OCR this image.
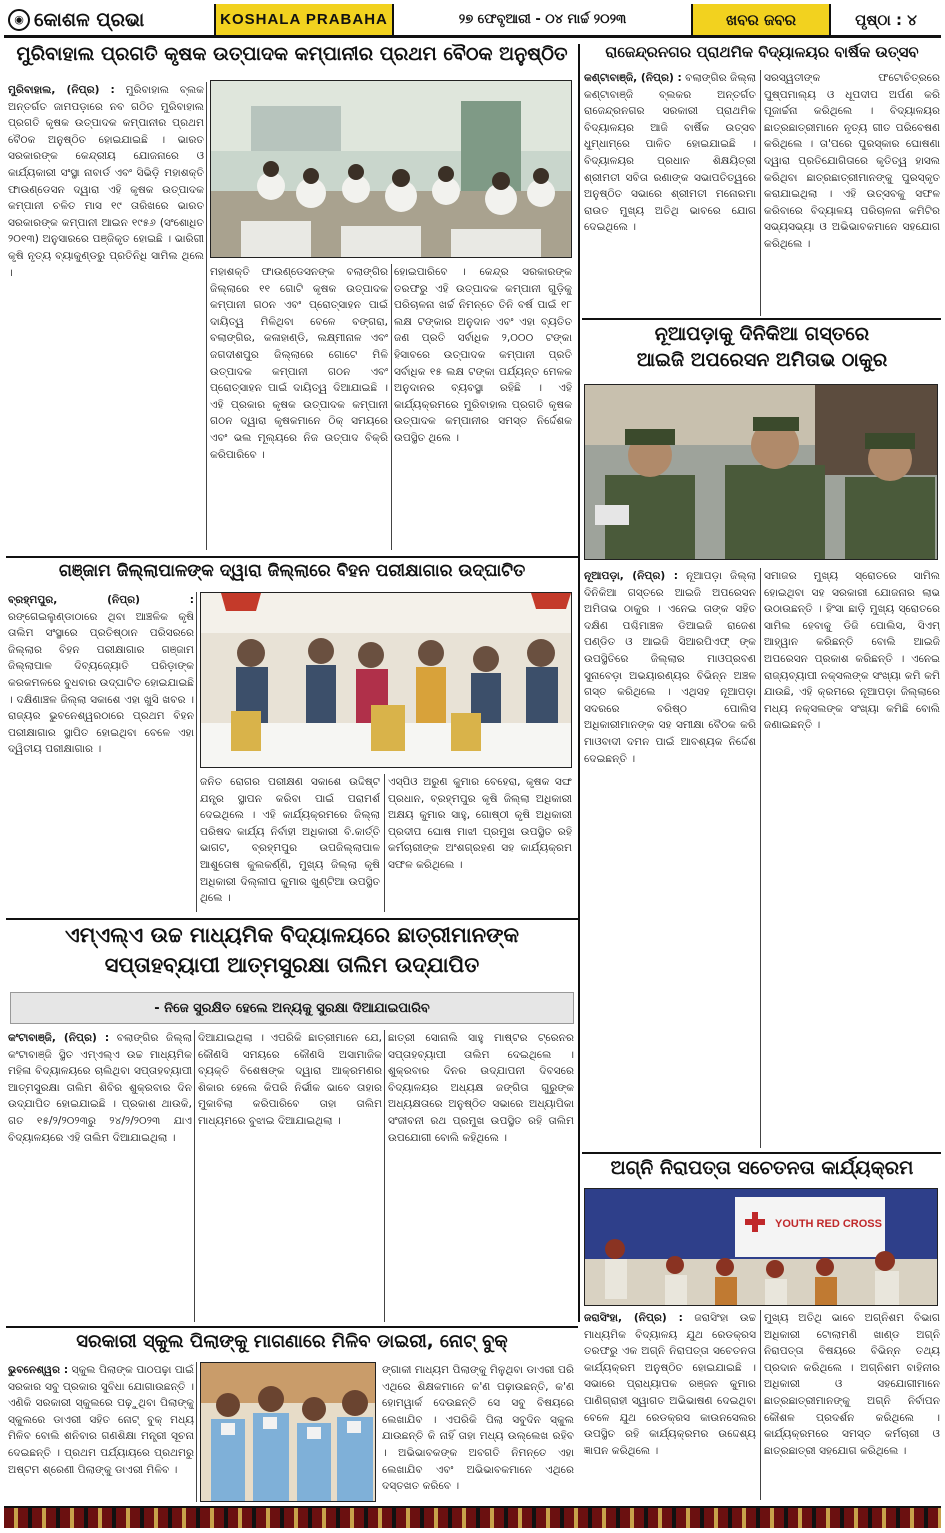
◉ କୋଶଳ ପ୍ରଭା	KOSHALA PRABAHA	୨୭ ଫେବୃଆରୀ - ୦୪ ମାର୍ଚ୍ଚ ୨୦୨୩	ଖବର ଜବର	ପୃଷ୍ଠା : ୪
ମୁରିବାହାଲ ପ୍ରଗତି କୃଷକ ଉତ୍ପାଦକ କମ୍ପାନୀର ପ୍ରଥମ ବୈଠକ ଅନୁଷ୍ଠିତ
ମୁରିବାହାଲ, (ନିପ୍ର) : ମୁରିବାହାଲ ବ୍ଲକ ଅନ୍ତର୍ଗତ ଜାମପଡ଼ାରେ ନବ ଗଠିତ ମୁରିବାହାଲ ପ୍ରଗତି କୃଷକ ଉତ୍ପାଦକ କମ୍ପାନୀର ପ୍ରଥମ ବୈଠକ ଅନୁଷ୍ଠିତ ହୋଇଯାଇଛି । ଭାରତ ସରକାରଙ୍କ କେନ୍ଦ୍ରୀୟ ଯୋଜନାରେ ଓ କାର୍ଯ୍ୟକାରୀ ସଂସ୍ଥା ନାବାର୍ଡ ଏବଂ ସିଭିଡ଼ି ମହାଶକ୍ତି ଫାଉଣ୍ଡେସନ ଦ୍ୱାରା ଏହି କୃଷକ ଉତ୍ପାଦକ କମ୍ପାନୀ ଚଳିତ ମାସ ୧୯ ତାରିଖରେ ଭାରତ ସରକାରଙ୍କ କମ୍ପାନୀ ଆଇନ ୧୯୫୬ (ସଂଶୋଧିତ ୨୦୧୩) ଅନୁସାରରେ ପଞ୍ଜିକୃତ ହୋଇଛି । ଭାରିଗୀ କୃଷି ନୃତ୍ୟ ବ୍ୟାକୁଣ୍ଡରୁ ପ୍ରତିନିଧି ସାମିଲ ଥିଲେ ।	ମହାଶକ୍ତି ଫାଉଣ୍ଡେସନଙ୍କ ବଲାଙ୍ଗିର ଜିଲ୍ଲାରେ ୧୧ ଗୋଟି କୃଷକ ଉତ୍ପାଦକ କମ୍ପାନୀ ଗଠନ ଏବଂ ପ୍ରୋତ୍ସାହନ ପାଇଁ ଦାୟିତ୍ୱ ମିଳିଥିବା ବେଳେ ବଙ୍ଗରା, ବଲାଙ୍ଗିର, କଳାହାଣ୍ଡି, ଲକ୍ଷ୍ମୀନାଳ ଏବଂ ଜଗଦୀଶପୁର ଜିଲ୍ଲାରେ ଗୋଟେ ମିଳି ଉତ୍ପାଦକ କମ୍ପାନୀ ଗଠନ ଏବଂ ପ୍ରୋତ୍ସାହନ ପାଇଁ ଦାୟିତ୍ୱ ଦିଆଯାଇଛି । ଏହି ପ୍ରକାର କୃଷକ ଉତ୍ପାଦକ କମ୍ପାନୀ ଗଠନ ଦ୍ୱାରା କୃଷକମାନେ ଠିକ୍ ସମୟରେ ଏବଂ ଭଲ ମୂଲ୍ୟରେ ନିଜ ଉତ୍ପାଦ ବିକ୍ରି କରିପାରିବେ ।
ହୋଇପାରିବେ । କେନ୍ଦ୍ର ସରକାରଙ୍କ ତରଫରୁ ଏହି ଉତ୍ପାଦକ କମ୍ପାନୀ ଗୁଡ଼ିକୁ ପରିଚାଳନା ଖର୍ଚ୍ଚ ନିମନ୍ତେ ତିନି ବର୍ଷ ପାଇଁ ୧୮ ଲକ୍ଷ ଟଙ୍କାର ଅନୁଦାନ ଏବଂ ଏହା ବ୍ୟତିତ ଜଣ ପ୍ରତି ସର୍ବାଧିକ ୨,୦୦୦ ଟଙ୍କା ହିସାବରେ ଉତ୍ପାଦକ କମ୍ପାନୀ ପ୍ରତି ସର୍ବାଧିକ ୧୫ ଲକ୍ଷ ଟଙ୍କା ପର୍ଯ୍ୟନ୍ତ ମେଳକ ଅନୁଦାନର ବ୍ୟବସ୍ଥା ରହିଛି । ଏହି କାର୍ଯ୍ୟକ୍ରମରେ ମୁରିବାହାଲ ପ୍ରଗତି କୃଷକ ଉତ୍ପାଦକ କମ୍ପାନୀର ସମସ୍ତ ନିର୍ଦ୍ଦେଶକ ଉପସ୍ଥିତ ଥିଲେ ।
ରାଜେନ୍ଦ୍ରନଗର ପ୍ରାଥମିକ ବିଦ୍ୟାଳୟର ବାର୍ଷିକ ଉତ୍ସବ
କଣ୍ଟାବାଞ୍ଜି, (ନିପ୍ର) : ବଲାଙ୍ଗିର ଜିଲ୍ଲା କଣ୍ଟାବାଞ୍ଜି ବ୍ଲକର ଅନ୍ତର୍ଗତ ରାଜେନ୍ଦ୍ରନଗର ସରକାରୀ ପ୍ରାଥମିକ ବିଦ୍ୟାଳୟର ଆଜି ବାର୍ଷିକ ଉତ୍ସବ ଧୁମ୍ଧାମ୍‌ରେ ପାଳିତ ହୋଇଯାଇଛି । ବିଦ୍ୟାଳୟର ପ୍ରଧାନ ଶିକ୍ଷୟିତ୍ରୀ ଶ୍ରୀମତୀ ସବିତା ରଣାଙ୍କ ସଭାପତିତ୍ୱରେ ଅନୁଷ୍ଠିତ ସଭାରେ ଶ୍ରୀମତୀ ମନୋରମା ରାଉତ ମୁଖ୍ୟ ଅତିଥି ଭାବରେ ଯୋଗ ଦେଇଥିଲେ ।
ସରସ୍ୱତୀଙ୍କ ଫଟୋଚିତ୍ରରେ ପୁଷ୍ପମାଲ୍ୟ ଓ ଧୂପଦୀପ ଅର୍ପଣ କରି ପୂଜାର୍ଚ୍ଚନା କରିଥିଲେ । ବିଦ୍ୟାଳୟର ଛାତ୍ରଛାତ୍ରୀମାନେ ନୃତ୍ୟ ଗୀତ ପରିବେଷଣ କରିଥିଲେ । ତା'ପରେ ପୁରସ୍କାର ଘୋଷଣା ଦ୍ୱାରା ପ୍ରତିଯୋଗିତାରେ କୃତିତ୍ୱ ହାସଲ କରିଥିବା ଛାତ୍ରଛାତ୍ରୀମାନଙ୍କୁ ପୁରସ୍କୃତ କରାଯାଇଥିଲା । ଏହି ଉତ୍ସବକୁ ସଫଳ କରିବାରେ ବିଦ୍ୟାଳୟ ପରିଚାଳନା କମିଟିର ସଭ୍ୟସଭ୍ୟା ଓ ଅଭିଭାବକମାନେ ସହଯୋଗ କରିଥିଲେ ।
ନୂଆପଡ଼ାକୁ ଦିନିକିଆ ଗସ୍ତରେ
ଆଇଜି ଅପରେସନ ଅମିତାଭ ଠାକୁର
ନୂଆପଡ଼ା, (ନିପ୍ର) : ନୂଆପଡ଼ା ଜିଲ୍ଲା ଦିନିକିଆ ଗସ୍ତରେ ଆଇଜି ଅପରେସନ ଅମିତାଭ ଠାକୁର । ଏନେଇ ତାଙ୍କ ସହିତ ଦକ୍ଷିଣ ପଶ୍ଚିମାଞ୍ଚଳ ଡିଆଇଜି ରାଜେଶ ପଣ୍ଡିତ ଓ ଆଇଜି ସିଆରପିଏଫ୍ ଙ୍କ ଉପସ୍ଥିତିରେ ଜିଲ୍ଲାର ମାଓପ୍ରବଣ ସୁନାବେଡ଼ା ଅଭୟାରଣ୍ୟର ବିଭିନ୍ନ ଅଞ୍ଚଳ ଗସ୍ତ କରିଥିଲେ । ଏଥିସହ ନୂଆପଡ଼ା ସଦରରେ ବରିଷ୍ଠ ପୋଲିସ ଅଧିକାରୀମାନଙ୍କ ସହ ସମୀକ୍ଷା ବୈଠକ କରି ମାଓବାଦୀ ଦମନ ପାଇଁ ଆବଶ୍ୟକ ନିର୍ଦ୍ଦେଶ ଦେଇଛନ୍ତି ।
ସମାଜର ମୁଖ୍ୟ ସ୍ରୋତରେ ସାମିଲ ହୋଇଥିବା ସହ ସରକାରୀ ଯୋଜନାର ଲାଭ ଉଠାଉଛନ୍ତି । ହିଂସା ଛାଡ଼ି ମୁଖ୍ୟ ସ୍ରୋତରେ ସାମିଲ ହେବାକୁ ଡିଜି ପୋଲିସ, ସିଏମ୍ ଆହ୍ୱାନ କରିଛନ୍ତି ବୋଲି ଆଇଜି ଅପରେସନ ପ୍ରକାଶ କରିଛନ୍ତି । ଏନେଇ ରାଜ୍ୟବ୍ୟାପୀ ନକ୍ସଲଙ୍କ ସଂଖ୍ୟା କମି କମି ଯାଉଛି, ଏହି କ୍ରମରେ ନୂଆପଡ଼ା ଜିଲ୍ଲାରେ ମଧ୍ୟ ନକ୍ସଲଙ୍କ ସଂଖ୍ୟା କମିଛି ବୋଲି ଜଣାଇଛନ୍ତି ।
ଗଞ୍ଜାମ ଜିଲ୍ଲାପାଳଙ୍କ ଦ୍ୱାରା ଜିଲ୍ଲାରେ ବିହନ ପରୀକ୍ଷାଗାର ଉଦ୍‌ଘାଟିତ
ବ୍ରହ୍ମପୁର, (ନିପ୍ର) : ରଙ୍ଗେଇଲୁଣ୍ଡାଠାରେ ଥିବା ଆଞ୍ଚଳିକ କୃଷି ତାଲିମ ସଂସ୍ଥାରେ ପ୍ରତିଷ୍ଠାନ ପରିସରରେ ଜିଲ୍ଲାର ବିହନ ପରୀକ୍ଷାଗାର ଗଞ୍ଜାମ ଜିଲ୍ଲାପାଳ ଦିବ୍ୟଜ୍ୟୋତି ପରିଡ଼ାଙ୍କ କରକମଳରେ ବୁଧବାର ଉଦ୍‌ଘାଟିତ ହୋଇଯାଇଛି । ଦକ୍ଷିଣାଞ୍ଚଳ ଜିଲ୍ଲା ସକାଶେ ଏହା ଖୁସି ଖବର । ରାଜ୍ୟର ଭୁବନେଶ୍ୱରଠାରେ ପ୍ରଥମ ବିହନ ପରୀକ୍ଷାଗାର ସ୍ଥାପିତ ହୋଇଥିବା ବେଳେ ଏହା ଦ୍ୱିତୀୟ ପରୀକ୍ଷାଗାର ।
ଜନିତ ରୋଗର ପରୀକ୍ଷଣ ସକାଶେ ଉଦ୍ଦିଷ୍ଟ ଯନ୍ତ୍ର ସ୍ଥାପନ କରିବା ପାଇଁ ପରାମର୍ଶ ଦେଇଥିଲେ । ଏହି କାର୍ଯ୍ୟକ୍ରମରେ ଜିଲ୍ଲା ପରିଷଦ କାର୍ଯ୍ୟ ନିର୍ବାହୀ ଅଧିକାରୀ ବି.କାର୍ତ୍ତି ଭାଗଟ, ବ୍ରହ୍ମପୁର ଉପଜିଲ୍ଲାପାଳ ଆଶୁତୋଷ କୁଲକର୍ଣ୍ଣି, ମୁଖ୍ୟ ଜିଲ୍ଲା କୃଷି ଅଧିକାରୀ ଦିଲ୍ଲୀପ କୁମାର ଖୁଣ୍ଟିଆ ଉପସ୍ଥିତ ଥିଲେ ।
ଏସ୍‌ପିଓ ଅରୁଣ କୁମାର ବେହେରା, କୃଷକ ସଙ୍ଘ ପ୍ରଧାନ, ବ୍ରହ୍ମପୁର କୃଷି ଜିଲ୍ଲା ଅଧିକାରୀ ଅକ୍ଷୟ କୁମାର ସାହୁ, ଗୋଷ୍ଠୀ କୃଷି ଅଧିକାରୀ ପ୍ରଦୀପ ଘୋଷ ମାଝୀ ପ୍ରମୁଖ ଉପସ୍ଥିତ ରହି କର୍ମଚାରୀଙ୍କ ଅଂଶଗ୍ରହଣ ସହ କାର୍ଯ୍ୟକ୍ରମ ସଫଳ କରିଥିଲେ ।
ଏମ୍‌ଏଲ୍‌ଏ ଉଚ୍ଚ ମାଧ୍ୟମିକ ବିଦ୍ୟାଳୟରେ ଛାତ୍ରୀମାନଙ୍କ
ସପ୍ତାହବ୍ୟାପୀ ଆତ୍ମସୁରକ୍ଷା ତାଲିମ ଉଦ୍‌ଯାପିତ
- ନିଜେ ସୁରକ୍ଷିତ ହେଲେ ଅନ୍ୟକୁ ସୁରକ୍ଷା ଦିଆଯାଇପାରିବ
କଂଟାବାଞ୍ଜି, (ନିପ୍ର) : ବଲାଙ୍ଗିର ଜିଲ୍ଲା କଂଟାବାଞ୍ଜି ସ୍ଥିତ ଏମ୍‌ଏଲ୍‌ଏ ଉଚ୍ଚ ମାଧ୍ୟମିକ ମହିଳା ବିଦ୍ୟାଳୟରେ ଚାଲିଥିବା ସପ୍ତାହବ୍ୟାପୀ ଆତ୍ମସୁରକ୍ଷା ତାଲିମ ଶିବିର ଶୁକ୍ରବାର ଦିନ ଉଦ୍‌ଯାପିତ ହୋଇଯାଇଛି । ପ୍ରକାଶ ଥାଉକି, ଗତ ୧୫/୨/୨୦୨୩ରୁ ୨୪/୨/୨୦୨୩ ଯାଏ ବିଦ୍ୟାଳୟରେ ଏହି ତାଲିମ ଦିଆଯାଇଥିଲା ।
ଦିଆଯାଇଥିଲା । ଏପରିକି ଛାତ୍ରୀମାନେ ଯେ, କୌଣସି ସମୟରେ କୌଣସି ଅସାମାଜିକ ବ୍ୟକ୍ତି ବିଶେଷଙ୍କ ଦ୍ୱାରା ଆକ୍ରମଣର ଶିକାର ହେଲେ କିପରି ନିର୍ଭୀକ ଭାବେ ତାହାର ମୁକାବିଲା କରିପାରିବେ ତାହା ତାଲିମ ମାଧ୍ୟମରେ ବୁଝାଇ ଦିଆଯାଇଥିଲା ।
ଛାତ୍ରୀ ସୋନାଲି ସାହୁ ମାଷ୍ଟର ଟ୍ରେନର ସପ୍ତାହବ୍ୟାପୀ ତାଲିମ ଦେଇଥିଲେ । ଶୁକ୍ରବାର ଦିନର ଉଦ୍‌ଯାପନୀ ଦିବସରେ ବିଦ୍ୟାଳୟର ଅଧ୍ୟକ୍ଷ ଜଙ୍ଗିତା ଗୁରୁଙ୍କ ଅଧ୍ୟକ୍ଷତାରେ ଅନୁଷ୍ଠିତ ସଭାରେ ଅଧ୍ୟାପିକା ସଂଜୀବନୀ ରଥ ପ୍ରମୁଖ ଉପସ୍ଥିତ ରହି ତାଲିମ ଉପଯୋଗୀ ବୋଲି କହିଥିଲେ ।
ଅଗ୍ନି ନିରାପତ୍ତା ସଚେତନତା କାର୍ଯ୍ୟକ୍ରମ
YOUTH RED CROSS
ଜରାସିଂହା, (ନିପ୍ର) : ଜରାସିଂହା ଉଚ୍ଚ ମାଧ୍ୟମିକ ବିଦ୍ୟାଳୟ ଯୁଥ ରେଡକ୍ରସ ତରଫରୁ ଏକ ଅଗ୍ନି ନିରାପତ୍ତା ସଚେତନତା କାର୍ଯ୍ୟକ୍ରମ ଅନୁଷ୍ଠିତ ହୋଇଯାଇଛି । ସଭାରେ ପ୍ରାଧ୍ୟାପକ ରଞ୍ଜନ କୁମାର ପାଣିଗ୍ରାହୀ ସ୍ୱାଗତ ଅଭିଭାଷଣ ଦେଇଥିବା ବେଳେ ଯୁଥ ରେଡକ୍ରସ କାଉନସେଲର ଉପସ୍ଥିତ ରହି କାର୍ଯ୍ୟକ୍ରମର ଉଦ୍ଦେଶ୍ୟ ଜ୍ଞାପନ କରିଥିଲେ ।
ମୁଖ୍ୟ ଅତିଥି ଭାବେ ଅଗ୍ନିଶମ ବିଭାଗ ଅଧିକାରୀ ଟୋଲାମଣି ଖାଣ୍ଡ ଅଗ୍ନି ନିରାପତ୍ତା ବିଷୟରେ ବିଭିନ୍ନ ତଥ୍ୟ ପ୍ରଦାନ କରିଥିଲେ । ଅଗ୍ନିଶମ ବାହିନୀର ଅଧିକାରୀ ଓ ସହଯୋଗୀମାନେ ଛାତ୍ରଛାତ୍ରୀମାନଙ୍କୁ ଅଗ୍ନି ନିର୍ବାପନ କୌଶଳ ପ୍ରଦର୍ଶନ କରିଥିଲେ । କାର୍ଯ୍ୟକ୍ରମରେ ସମସ୍ତ କର୍ମଚାରୀ ଓ ଛାତ୍ରଛାତ୍ରୀ ସହଯୋଗ କରିଥିଲେ ।
ସରକାରୀ ସ୍କୁଲ ପିଲାଙ୍କୁ ମାଗଣାରେ ମିଳିବ ଡାଇରୀ, ନୋଟ୍ ବୁକ୍
ଭୁବନେଶ୍ୱର : ସ୍କୁଲ ପିଲାଙ୍କ ପାଠପଢ଼ା ପାଇଁ ସରକାର ସବୁ ପ୍ରକାର ସୁବିଧା ଯୋଗାଉଛନ୍ତି । ଏଣିକି ସରକାରୀ ସ୍କୁଲରେ ପଢ଼ୁଥିବା ପିଲାଙ୍କୁ ସ୍କୁଲରେ ଡାଏରୀ ସହିତ ନୋଟ୍ ବୁକ୍ ମଧ୍ୟ ମିଳିବ ବୋଲି ଶନିବାର ଗଣଶିକ୍ଷା ମନ୍ତ୍ରୀ ସୂଚନା ଦେଇଛନ୍ତି । ପ୍ରଥମ ପର୍ଯ୍ୟାୟରେ ପ୍ରଥମରୁ ଅଷ୍ଟମ ଶ୍ରେଣୀ ପିଲାଙ୍କୁ ଡାଏରୀ ମିଳିବ ।
ଙ୍ଗାକୀ ମାଧ୍ୟମ ପିଲାଙ୍କୁ ମିଳୁଥିବା ଡାଏରୀ ପରି ଏଥିରେ ଶିକ୍ଷକମାନେ କ'ଣ ପଢ଼ାଉଛନ୍ତି, କ'ଣ ହୋମୱାର୍କ ଦେଉଛନ୍ତି ସେ ସବୁ ବିଷୟରେ ଲେଖାଯିବ । ଏପରିକି ପିଲା ସବୁଦିନ ସ୍କୁଲ ଯାଉଛନ୍ତି କି ନାହିଁ ତାହା ମଧ୍ୟ ଉଲ୍ଲେଖ ରହିବ । ଅଭିଭାବକଙ୍କ ଅବଗତି ନିମନ୍ତେ ଏହା ଲେଖାଯିବ ଏବଂ ଅଭିଭାବକମାନେ ଏଥିରେ ଦସ୍ତଖତ କରିବେ ।
